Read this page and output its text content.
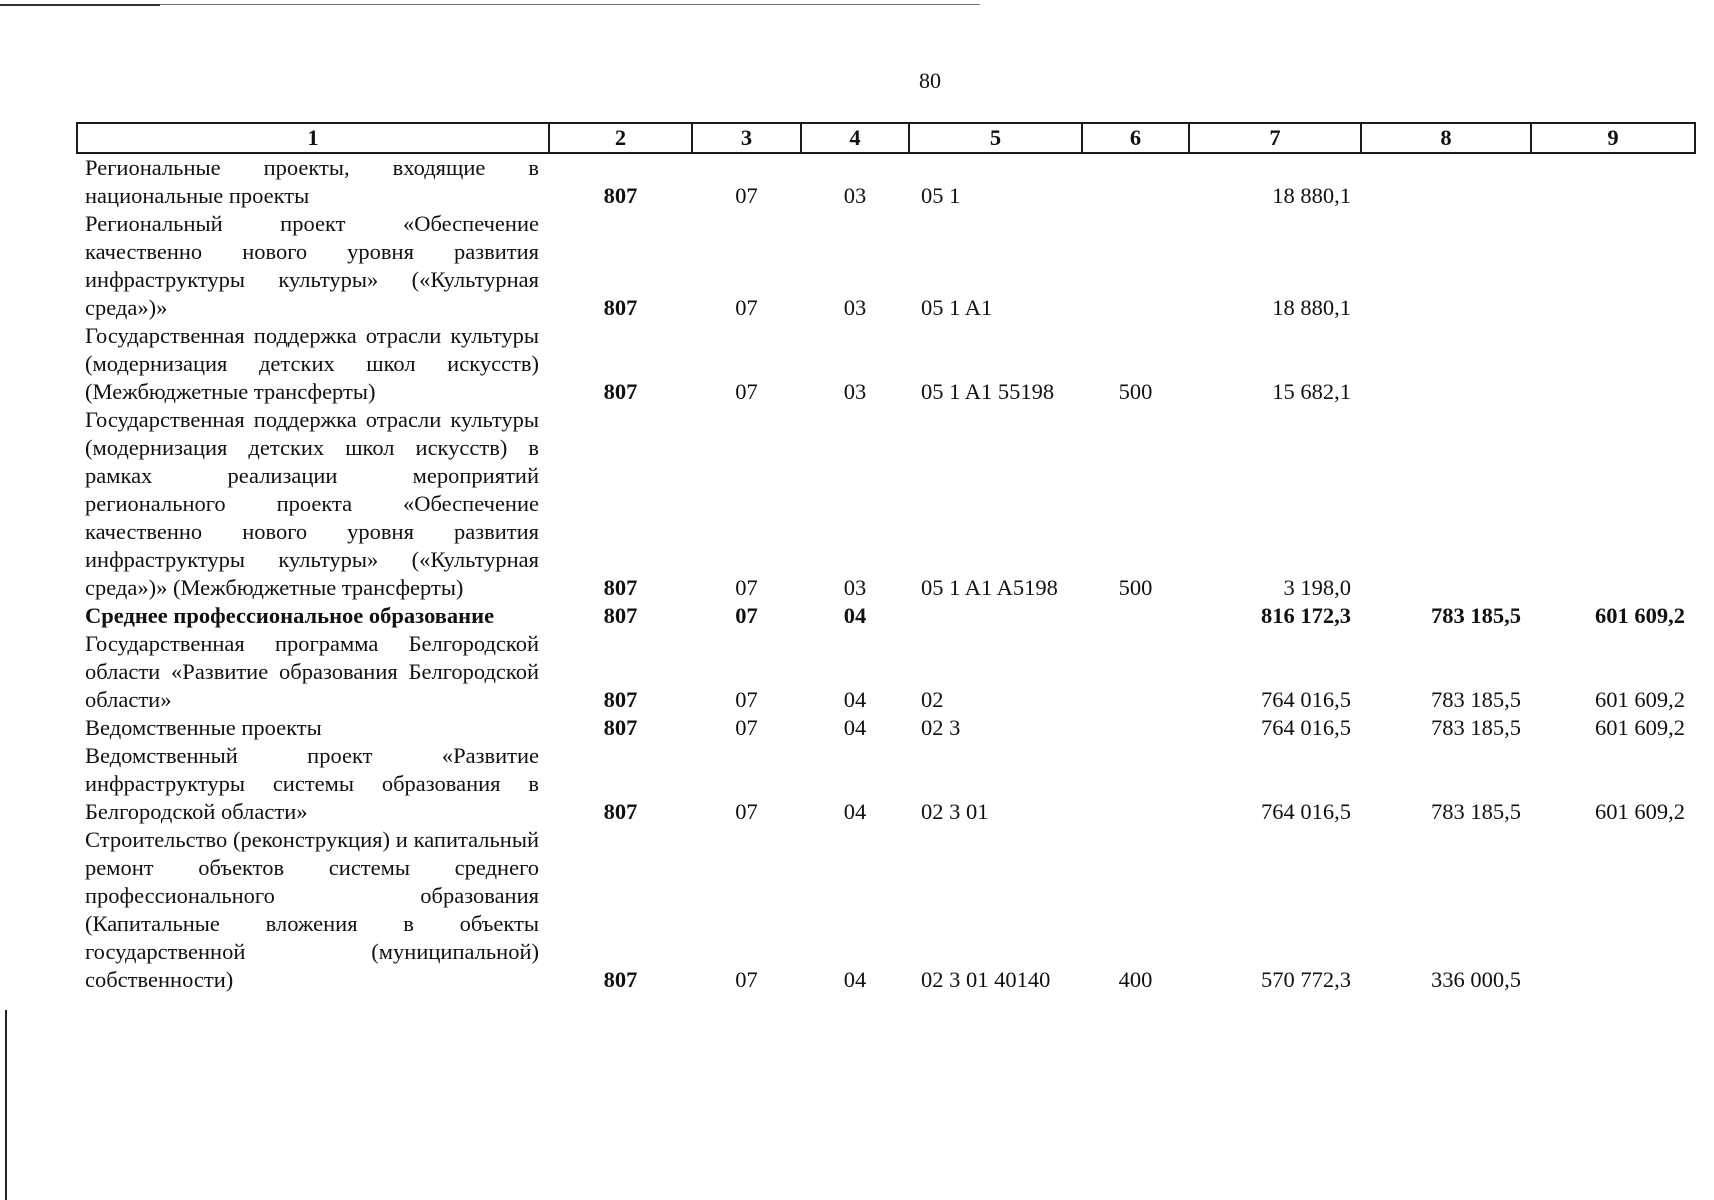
80
1	2	3	4	5	6	7	8	9
Региональные проекты, входящие в национальные проекты	807	07	03	05 1		18 880,1		
Региональный проект «Обеспечение качественно нового уровня развития инфраструктуры культуры» («Культурная среда»)»	807	07	03	05 1 A1		18 880,1		
Государственная поддержка отрасли культуры (модернизация детских школ искусств) (Межбюджетные трансферты)	807	07	03	05 1 A1 55198	500	15 682,1		
Государственная поддержка отрасли культуры (модернизация детских школ искусств) в рамках реализации мероприятий регионального проекта «Обеспечение качественно нового уровня развития инфраструктуры культуры» («Культурная среда»)» (Межбюджетные трансферты)	807	07	03	05 1 A1 A5198	500	3 198,0		
Среднее профессиональное образование	807	07	04			816 172,3	783 185,5	601 609,2
Государственная программа Белгородской области «Развитие образования Белгородской области»	807	07	04	02		764 016,5	783 185,5	601 609,2
Ведомственные проекты	807	07	04	02 3		764 016,5	783 185,5	601 609,2
Ведомственный проект «Развитие инфраструктуры системы образования в Белгородской области»	807	07	04	02 3 01		764 016,5	783 185,5	601 609,2
Строительство (реконструкция) и капитальный ремонт объектов системы среднего профессионального образования (Капитальные вложения в объекты государственной (муниципальной) собственности)	807	07	04	02 3 01 40140	400	570 772,3	336 000,5	
